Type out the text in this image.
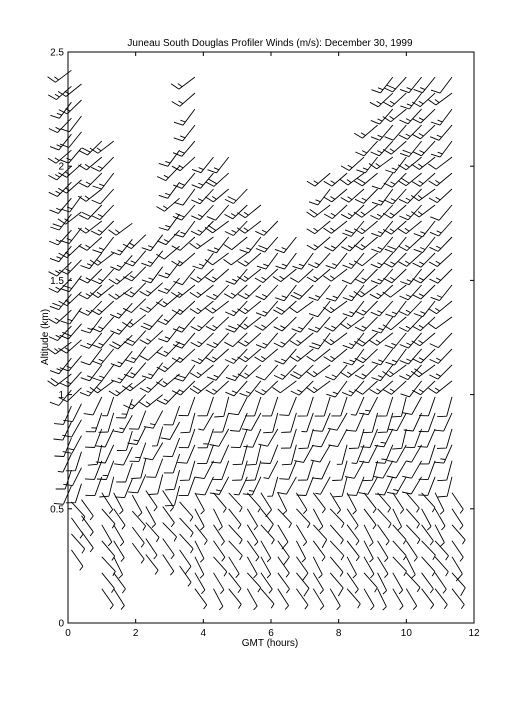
Juneau South Douglas Profiler Winds (m/s): December 30, 1999
GMT (hours)
Altitude (km)
0	2	4	6	8	10	12
0
0.5
1
1.5
2
2.5
